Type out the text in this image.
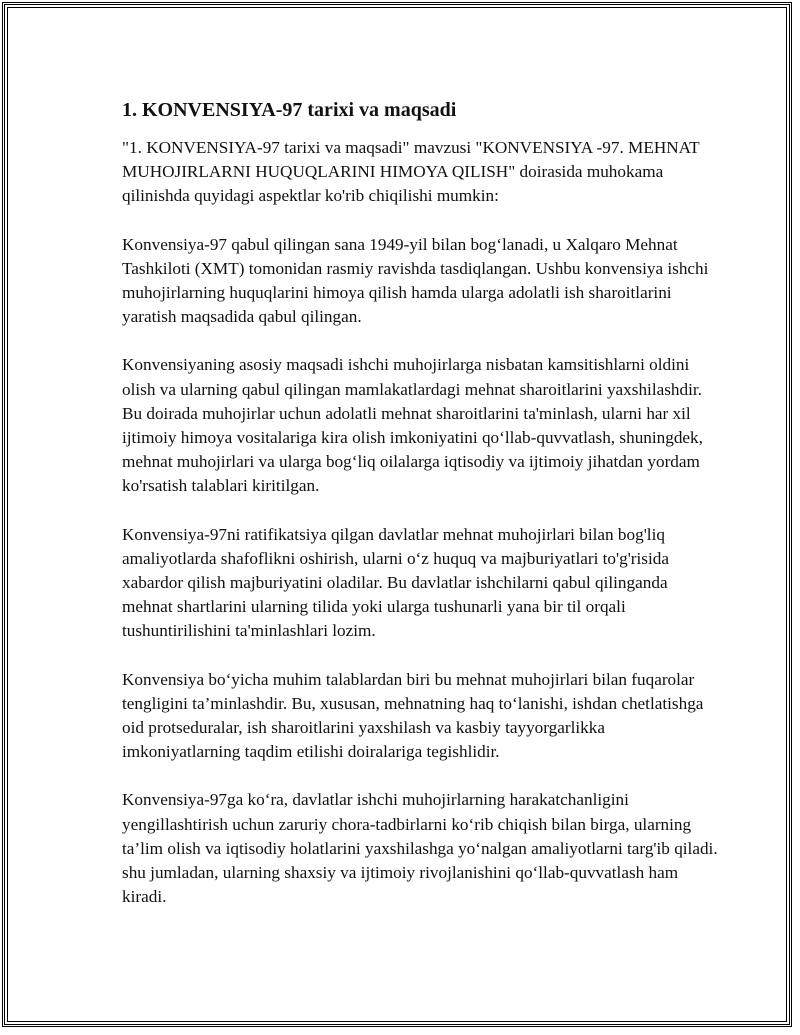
1. KONVENSIYA-97 tarixi va maqsadi

"1. KONVENSIYA-97 tarixi va maqsadi" mavzusi "KONVENSIYA -97. MEHNAT MUHOJIRLARNI HUQUQLARINI HIMOYA QILISH" doirasida muhokama qilinishda quyidagi aspektlar ko'rib chiqilishi mumkin:

Konvensiya-97 qabul qilingan sana 1949-yil bilan bog‘lanadi, u Xalqaro Mehnat Tashkiloti (XMT) tomonidan rasmiy ravishda tasdiqlangan. Ushbu konvensiya ishchi muhojirlarning huquqlarini himoya qilish hamda ularga adolatli ish sharoitlarini yaratish maqsadida qabul qilingan.

Konvensiyaning asosiy maqsadi ishchi muhojirlarga nisbatan kamsitishlarni oldini olish va ularning qabul qilingan mamlakatlardagi mehnat sharoitlarini yaxshilashdir. Bu doirada muhojirlar uchun adolatli mehnat sharoitlarini ta'minlash, ularni har xil ijtimoiy himoya vositalariga kira olish imkoniyatini qo‘llab-quvvatlash, shuningdek, mehnat muhojirlari va ularga bog‘liq oilalarga iqtisodiy va ijtimoiy jihatdan yordam ko'rsatish talablari kiritilgan.

Konvensiya-97ni ratifikatsiya qilgan davlatlar mehnat muhojirlari bilan bog'liq amaliyotlarda shafoflikni oshirish, ularni o‘z huquq va majburiyatlari to'g'risida xabardor qilish majburiyatini oladilar. Bu davlatlar ishchilarni qabul qilinganda mehnat shartlarini ularning tilida yoki ularga tushunarli yana bir til orqali tushuntirilishini ta'minlashlari lozim.

Konvensiya bo‘yicha muhim talablardan biri bu mehnat muhojirlari bilan fuqarolar tengligini ta’minlashdir. Bu, xususan, mehnatning haq to‘lanishi, ishdan chetlatishga oid protseduralar, ish sharoitlarini yaxshilash va kasbiy tayyorgarlikka imkoniyatlarning taqdim etilishi doiralariga tegishlidir.

Konvensiya-97ga ko‘ra, davlatlar ishchi muhojirlarning harakatchanligini yengillashtirish uchun zaruriy chora-tadbirlarni ko‘rib chiqish bilan birga, ularning ta’lim olish va iqtisodiy holatlarini yaxshilashga yo‘nalgan amaliyotlarni targ'ib qiladi. shu jumladan, ularning shaxsiy va ijtimoiy rivojlanishini qo‘llab-quvvatlash ham kiradi.
